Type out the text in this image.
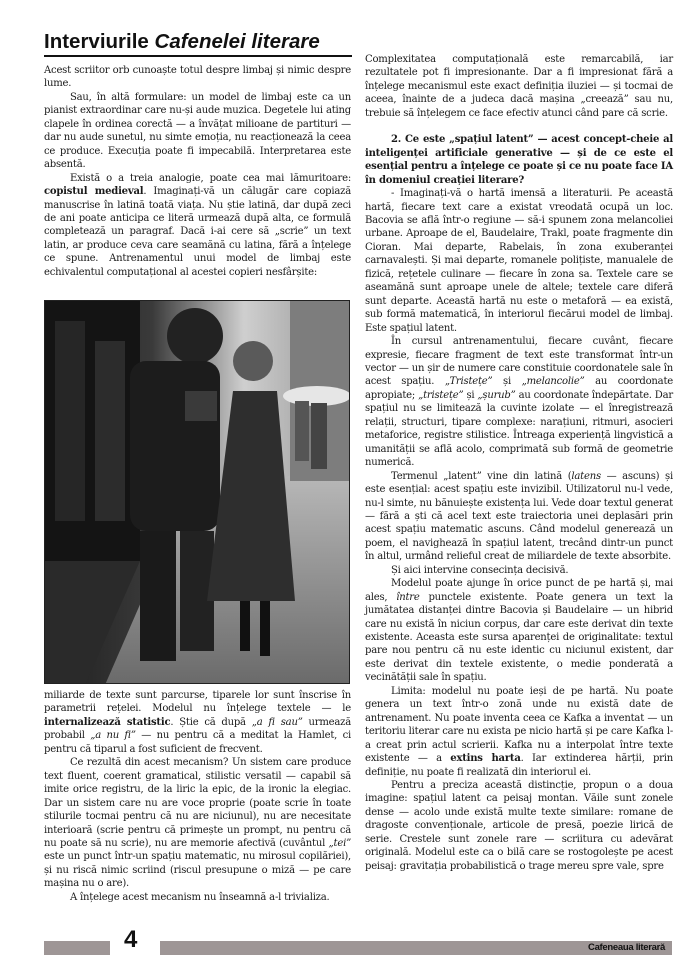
Interviurile Cafenelei literare

Acest scriitor orb cunoaște totul despre limbaj și nimic despre lume.

Sau, în altă formulare: un model de limbaj este ca un pianist extraordinar care nu-și aude muzica. Degetele lui ating clapele în ordinea corectă — a învățat milioane de partituri — dar nu aude sunetul, nu simte emoția, nu reacționează la ceea ce produce. Execuția poate fi impecabilă. Interpretarea este absentă.

Există o a treia analogie, poate cea mai lămuritoare: copistul medieval. Imaginați-vă un călugăr care copiază manuscrise în latină toată viața. Nu știe latină, dar după zeci de ani poate anticipa ce literă urmează după alta, ce formulă completează un paragraf. Dacă i-ai cere să „scrie” un text latin, ar produce ceva care seamănă cu latina, fără a înțelege ce spune. Antrenamentul unui model de limbaj este echivalentul computațional al acestei copieri nesfârșite:

miliarde de texte sunt parcurse, tiparele lor sunt înscrise în parametrii rețelei. Modelul nu înțelege textele — le internalizează statistic. Știe că după „a fi sau” urmează probabil „a nu fi” — nu pentru că a meditat la Hamlet, ci pentru că tiparul a fost suficient de frecvent.

Ce rezultă din acest mecanism? Un sistem care produce text fluent, coerent gramatical, stilistic versatil — capabil să imite orice registru, de la liric la epic, de la ironic la elegiac. Dar un sistem care nu are voce proprie (poate scrie în toate stilurile tocmai pentru că nu are niciunul), nu are necesitate interioară (scrie pentru că primește un prompt, nu pentru că nu poate să nu scrie), nu are memorie afectivă (cuvântul „tei” este un punct într-un spațiu matematic, nu mirosul copilăriei), și nu riscă nimic scriind (riscul presupune o miză — pe care mașina nu o are).

A înțelege acest mecanism nu înseamnă a-l trivializa.

Complexitatea computațională este remarcabilă, iar rezultatele pot fi impresionante. Dar a fi impresionat fără a înțelege mecanismul este exact definiția iluziei — și tocmai de aceea, înainte de a judeca dacă mașina „creează” sau nu, trebuie să înțelegem ce face efectiv atunci când pare că scrie.

2. Ce este „spațiul latent” — acest concept-cheie al inteligenței artificiale generative — și de ce este el esențial pentru a înțelege ce poate și ce nu poate face IA în domeniul creației literare?

- Imaginați-vă o hartă imensă a literaturii. Pe această hartă, fiecare text care a existat vreodată ocupă un loc. Bacovia se află într-o regiune — să-i spunem zona melancoliei urbane. Aproape de el, Baudelaire, Trakl, poate fragmente din Cioran. Mai departe, Rabelais, în zona exuberanței carnavalești. Și mai departe, romanele polițiste, manualele de fizică, rețetele culinare — fiecare în zona sa. Textele care se aseamănă sunt aproape unele de altele; textele care diferă sunt departe. Această hartă nu este o metaforă — ea există, sub formă matematică, în interiorul fiecărui model de limbaj. Este spațiul latent.

În cursul antrenamentului, fiecare cuvânt, fiecare expresie, fiecare fragment de text este transformat într-un vector — un șir de numere care constituie coordonatele sale în acest spațiu. „Tristețe” și „melancolie” au coordonate apropiate; „tristețe” și „șurub” au coordonate îndepărtate. Dar spațiul nu se limitează la cuvinte izolate — el înregistrează relații, structuri, tipare complexe: narațiuni, ritmuri, asocieri metaforice, registre stilistice. Întreaga experiență lingvistică a umanității se află acolo, comprimată sub formă de geometrie numerică.

Termenul „latent” vine din latină (latens — ascuns) și este esențial: acest spațiu este invizibil. Utilizatorul nu-l vede, nu-l simte, nu bănuiește existența lui. Vede doar textul generat — fără a ști că acel text este traiectoria unei deplasări prin acest spațiu matematic ascuns. Când modelul generează un poem, el navighează în spațiul latent, trecând dintr-un punct în altul, urmând relieful creat de miliardele de texte absorbite.

Și aici intervine consecința decisivă.

Modelul poate ajunge în orice punct de pe hartă și, mai ales, între punctele existente. Poate genera un text la jumătatea distanței dintre Bacovia și Baudelaire — un hibrid care nu există în niciun corpus, dar care este derivat din texte existente. Aceasta este sursa aparenței de originalitate: textul pare nou pentru că nu este identic cu niciunul existent, dar este derivat din textele existente, o medie ponderată a vecinătății sale în spațiu.

Limita: modelul nu poate ieși de pe hartă. Nu poate genera un text într-o zonă unde nu există date de antrenament. Nu poate inventa ceea ce Kafka a inventat — un teritoriu literar care nu exista pe nicio hartă și pe care Kafka l-a creat prin actul scrierii. Kafka nu a interpolat între texte existente — a extins harta. Iar extinderea hărții, prin definiție, nu poate fi realizată din interiorul ei.

Pentru a preciza această distincție, propun o a doua imagine: spațiul latent ca peisaj montan. Văile sunt zonele dense — acolo unde există multe texte similare: romane de dragoste convenționale, articole de presă, poezie lirică de serie. Crestele sunt zonele rare — scriitura cu adevărat originală. Modelul este ca o bilă care se rostogolește pe acest peisaj: gravitația probabilistică o trage mereu spre vale, spre

4	Cafeneaua literară
